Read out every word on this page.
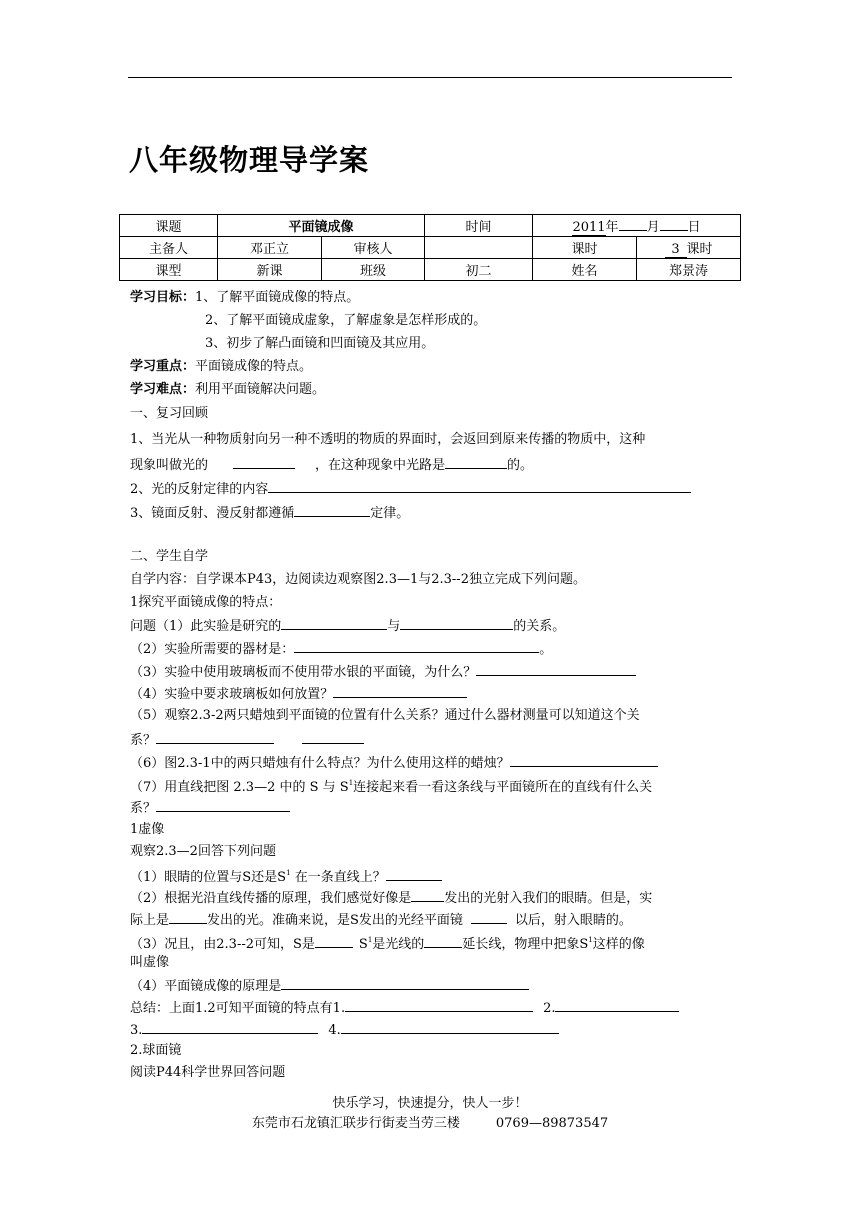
八年级物理导学案
课题	平面镜成像		时间	2011年 月 日	
主备人	邓正立	审核人		课时	3 课时
课型	新课	班级	初二	姓名	郑景涛
学习目标：1、了解平面镜成像的特点。
2、了解平面镜成虚象，了解虚象是怎样形成的。
3、初步了解凸面镜和凹面镜及其应用。
学习重点：平面镜成像的特点。
学习难点：利用平面镜解决问题。
一、复习回顾
1、当光从一种物质射向另一种不透明的物质的界面时，会返回到原来传播的物质中，这种
现象叫做光的	，在这种现象中光路是	的。
2、光的反射定律的内容
3、镜面反射、漫反射都遵循	定律。
二、学生自学
自学内容：自学课本P43，边阅读边观察图2.3—1与2.3--2独立完成下列问题。
1探究平面镜成像的特点：
问题（1）此实验是研究的	与	的关系。
（2）实验所需要的器材是：	。
（3）实验中使用玻璃板而不使用带水银的平面镜，为什么？
（4）实验中要求玻璃板如何放置？
（5）观察2.3-2两只蜡烛到平面镜的位置有什么关系？通过什么器材测量可以知道这个关
系？
（6）图2.3-1中的两只蜡烛有什么特点？为什么使用这样的蜡烛？
（7）用直线把图 2.3—2 中的 S 与 $S^1$连接起来看一看这条线与平面镜所在的直线有什么关
系？
1虚像
观察2.3—2回答下列问题
（1）眼睛的位置与S还是$S^1$ 在一条直线上？
（2）根据光沿直线传播的原理，我们感觉好像是	发出的光射入我们的眼睛。但是，实
际上是	发出的光。准确来说，是S发出的光经平面镜	以后，射入眼睛的。
（3）况且，由2.3--2可知，S是	$S^1$是光线的	延长线，物理中把象$S^1$这样的像
叫虚像
（4）平面镜成像的原理是
总结：上面1.2可知平面镜的特点有1.	2.
3.	4.
2.球面镜
阅读P44科学世界回答问题
快乐学习，快速提分，快人一步！
东莞市石龙镇汇联步行街麦当劳三楼	0769—89873547
